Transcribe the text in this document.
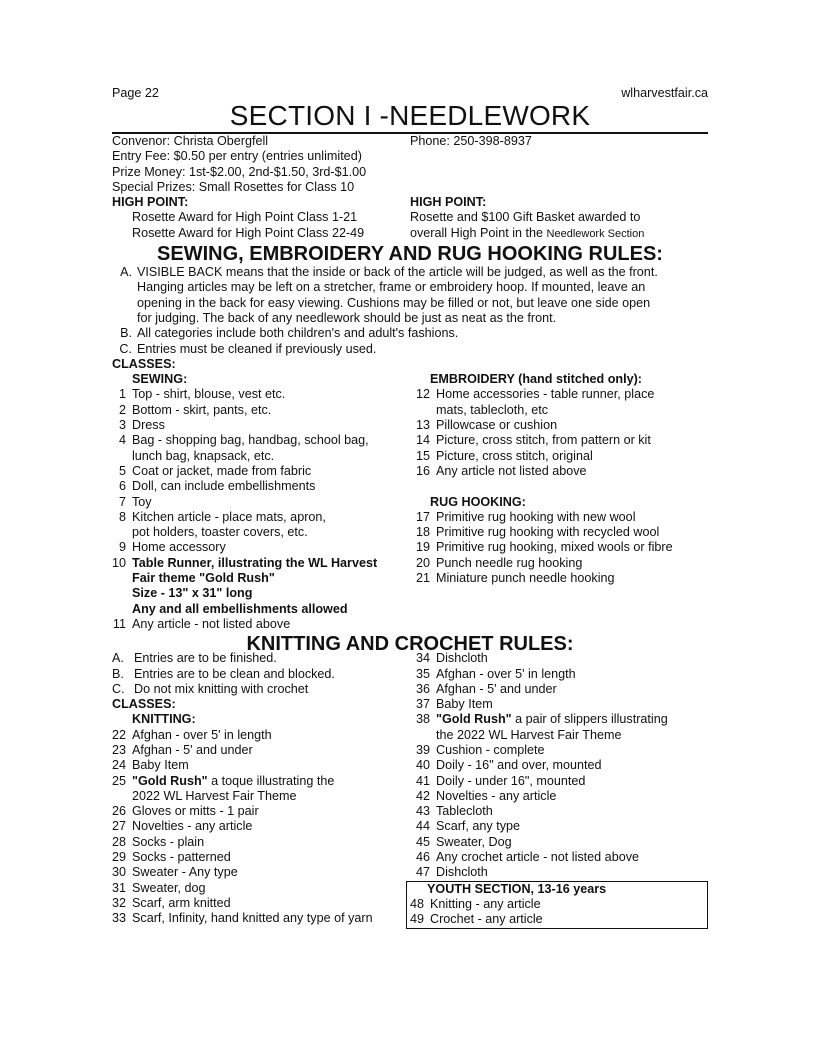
Page 22	wlharvestfair.ca
SECTION I -NEEDLEWORK
Convenor: Christa Obergfell	Phone: 250-398-8937
Entry Fee: $0.50 per entry (entries unlimited)
Prize Money: 1st-$2.00, 2nd-$1.50, 3rd-$1.00
Special Prizes: Small Rosettes for Class 10
HIGH POINT:
Rosette Award for High Point Class 1-21
Rosette Award for High Point Class 22-49
HIGH POINT:
Rosette and $100 Gift Basket awarded to
overall High Point in the Needlework Section
SEWING, EMBROIDERY AND RUG HOOKING RULES:
A. VISIBLE BACK means that the inside or back of the article will be judged, as well as the front.
Hanging articles may be left on a stretcher, frame or embroidery hoop. If mounted, leave an
opening in the back for easy viewing. Cushions may be filled or not, but leave one side open
for judging. The back of any needlework should be just as neat as the front.
B. All categories include both children's and adult's fashions.
C. Entries must be cleaned if previously used.
CLASSES:
SEWING:
1 Top - shirt, blouse, vest etc.
2 Bottom - skirt, pants, etc.
3 Dress
4 Bag - shopping bag, handbag, school bag,
lunch bag, knapsack, etc.
5 Coat or jacket, made from fabric
6 Doll, can include embellishments
7 Toy
8 Kitchen article - place mats, apron,
pot holders, toaster covers, etc.
9 Home accessory
10 Table Runner, illustrating the WL Harvest
Fair theme "Gold Rush"
Size - 13" x 31" long
Any and all embellishments allowed
11 Any article - not listed above
EMBROIDERY (hand stitched only):
12 Home accessories - table runner, place
mats, tablecloth, etc
13 Pillowcase or cushion
14 Picture, cross stitch, from pattern or kit
15 Picture, cross stitch, original
16 Any article not listed above
RUG HOOKING:
17 Primitive rug hooking with new wool
18 Primitive rug hooking with recycled wool
19 Primitive rug hooking, mixed wools or fibre
20 Punch needle rug hooking
21 Miniature punch needle hooking
KNITTING AND CROCHET RULES:
A. Entries are to be finished.
B. Entries are to be clean and blocked.
C. Do not mix knitting with crochet
CLASSES:
KNITTING:
22 Afghan - over 5' in length
23 Afghan - 5' and under
24 Baby Item
25 "Gold Rush" a toque illustrating the
2022 WL Harvest Fair Theme
26 Gloves or mitts - 1 pair
27 Novelties - any article
28 Socks - plain
29 Socks - patterned
30 Sweater - Any type
31 Sweater, dog
32 Scarf, arm knitted
33 Scarf, Infinity, hand knitted any type of yarn
34 Dishcloth
35 Afghan - over 5' in length
36 Afghan - 5' and under
37 Baby Item
38 "Gold Rush" a pair of slippers illustrating
the 2022 WL Harvest Fair Theme
39 Cushion - complete
40 Doily - 16" and over, mounted
41 Doily - under 16", mounted
42 Novelties - any article
43 Tablecloth
44 Scarf, any type
45 Sweater, Dog
46 Any crochet article - not listed above
47 Dishcloth
YOUTH SECTION, 13-16 years
48 Knitting - any article
49 Crochet - any article
